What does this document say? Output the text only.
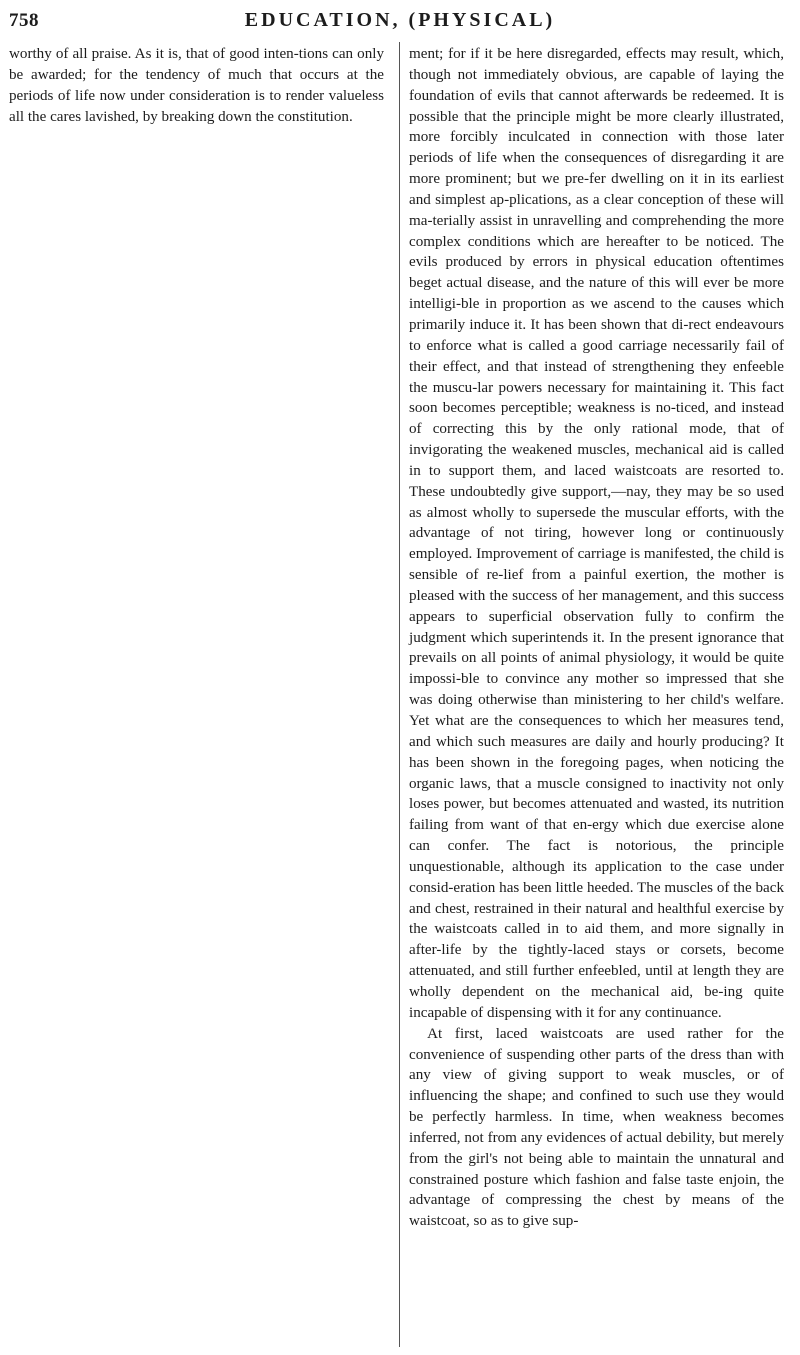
758	EDUCATION, (PHYSICAL)

worthy of all praise. As it is, that of good inten-tions can only be awarded; for the tendency of much that occurs at the periods of life now under consideration is to render valueless all the cares lavished, by breaking down the constitution.

ment; for if it be here disregarded, effects may result, which, though not immediately obvious, are capable of laying the foundation of evils that cannot afterwards be redeemed. It is possible that the principle might be more clearly illustrated, more forcibly inculcated in connection with those later periods of life when the consequences of disregarding it are more prominent; but we pre-fer dwelling on it in its earliest and simplest ap-plications, as a clear conception of these will ma-terially assist in unravelling and comprehending the more complex conditions which are hereafter to be noticed. The evils produced by errors in physical education oftentimes beget actual disease, and the nature of this will ever be more intelligi-ble in proportion as we ascend to the causes which primarily induce it. It has been shown that di-rect endeavours to enforce what is called a good carriage necessarily fail of their effect, and that instead of strengthening they enfeeble the muscu-lar powers necessary for maintaining it. This fact soon becomes perceptible; weakness is no-ticed, and instead of correcting this by the only rational mode, that of invigorating the weakened muscles, mechanical aid is called in to support them, and laced waistcoats are resorted to. These undoubtedly give support,—nay, they may be so used as almost wholly to supersede the muscular efforts, with the advantage of not tiring, however long or continuously employed. Improvement of carriage is manifested, the child is sensible of re-lief from a painful exertion, the mother is pleased with the success of her management, and this success appears to superficial observation fully to confirm the judgment which superintends it. In the present ignorance that prevails on all points of animal physiology, it would be quite impossi-ble to convince any mother so impressed that she was doing otherwise than ministering to her child's welfare. Yet what are the consequences to which her measures tend, and which such measures are daily and hourly producing? It has been shown in the foregoing pages, when noticing the organic laws, that a muscle consigned to inactivity not only loses power, but becomes attenuated and wasted, its nutrition failing from want of that en-ergy which due exercise alone can confer. The fact is notorious, the principle unquestionable, although its application to the case under consid-eration has been little heeded. The muscles of the back and chest, restrained in their natural and healthful exercise by the waistcoats called in to aid them, and more signally in after-life by the tightly-laced stays or corsets, become attenuated, and still further enfeebled, until at length they are wholly dependent on the mechanical aid, be-ing quite incapable of dispensing with it for any continuance.

At first, laced waistcoats are used rather for the convenience of suspending other parts of the dress than with any view of giving support to weak muscles, or of influencing the shape; and confined to such use they would be perfectly harmless. In time, when weakness becomes inferred, not from any evidences of actual debility, but merely from the girl's not being able to maintain the unnatural and constrained posture which fashion and false taste enjoin, the advantage of compressing the chest by means of the waistcoat, so as to give sup-
